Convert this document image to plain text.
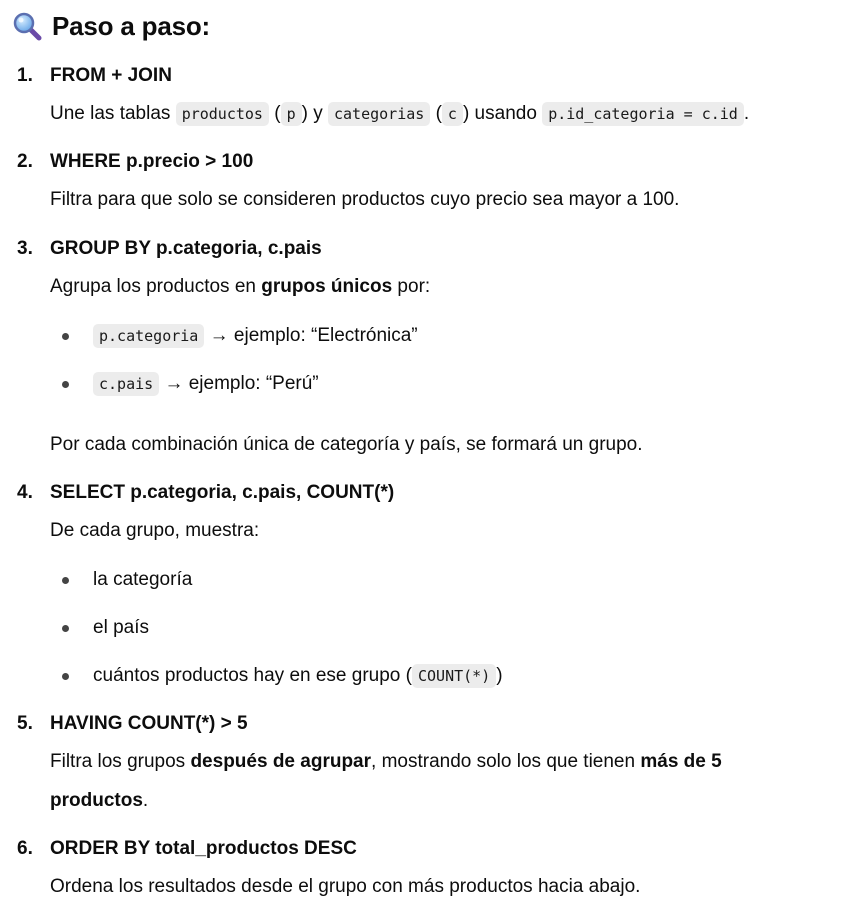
Paso a paso:
1. FROM + JOIN
Une las tablas productos ( p ) y categorias ( c ) usando p.id_categoria = c.id .
2. WHERE p.precio > 100
Filtra para que solo se consideren productos cuyo precio sea mayor a 100.
3. GROUP BY p.categoria, c.pais
Agrupa los productos en grupos únicos por:
p.categoria → ejemplo: “Electrónica”
c.pais → ejemplo: “Perú”
Por cada combinación única de categoría y país, se formará un grupo.
4. SELECT p.categoria, c.pais, COUNT(*)
De cada grupo, muestra:
la categoría
el país
cuántos productos hay en ese grupo ( COUNT(*) )
5. HAVING COUNT(*) > 5
Filtra los grupos después de agrupar, mostrando solo los que tienen más de 5
productos.
6. ORDER BY total_productos DESC
Ordena los resultados desde el grupo con más productos hacia abajo.
